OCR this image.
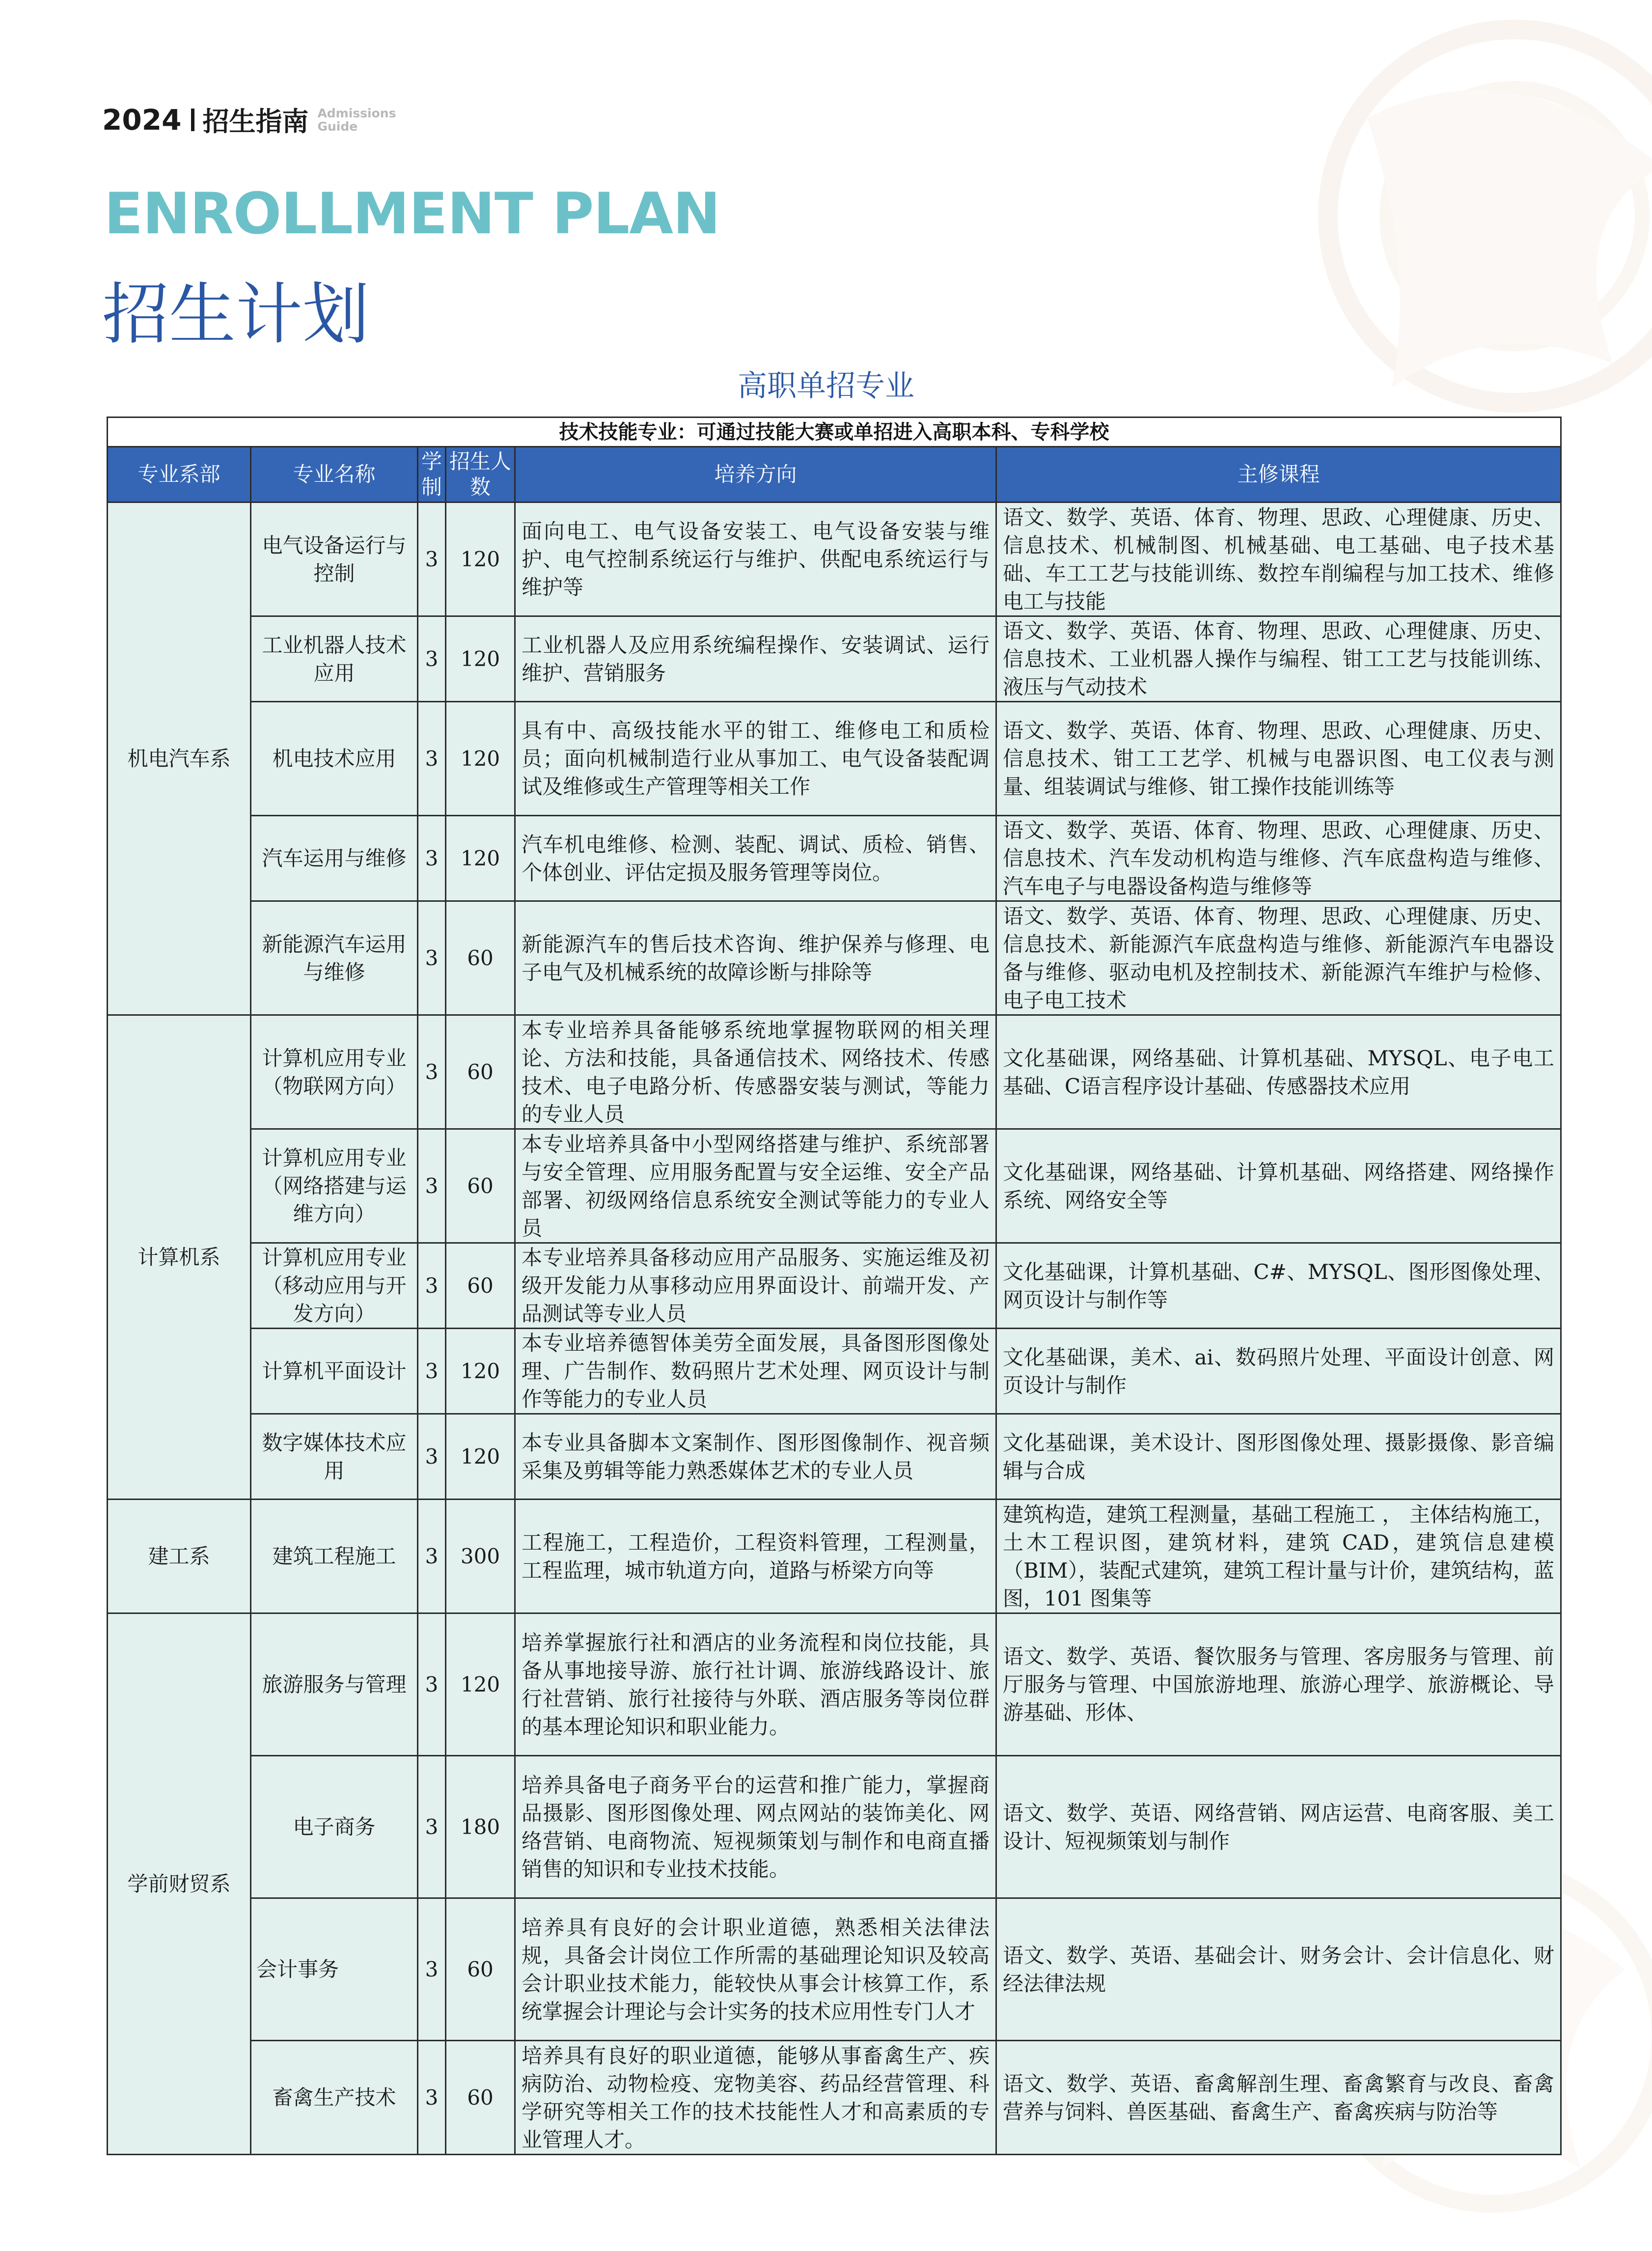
2024 招生指南 Admissions
Guide
ENROLLMENT PLAN
招生计划
高职单招专业
技术技能专业：可通过技能大赛或单招进入高职本科、专科学校					
专业系部	专业名称	学制	招生人数	培养方向	主修课程
机电汽车系	电气设备运行与控制	3	120	面向电工、电气设备安装工、电气设备安装与维护、电气控制系统运行与维护、供配电系统运行与维护等	语文、数学、英语、体育、物理、思政、心理健康、历史、信息技术、机械制图、机械基础、电工基础、电子技术基础、车工工艺与技能训练、数控车削编程与加工技术、维修电工与技能
	工业机器人技术应用	3	120	工业机器人及应用系统编程操作、安装调试、运行维护、营销服务	语文、数学、英语、体育、物理、思政、心理健康、历史、信息技术、工业机器人操作与编程、钳工工艺与技能训练、液压与气动技术
	机电技术应用	3	120	具有中、高级技能水平的钳工、维修电工和质检员；面向机械制造行业从事加工、电气设备装配调试及维修或生产管理等相关工作	语文、数学、英语、体育、物理、思政、心理健康、历史、信息技术、钳工工艺学、机械与电器识图、电工仪表与测量、组装调试与维修、钳工操作技能训练等
	汽车运用与维修	3	120	汽车机电维修、检测、装配、调试、质检、销售、个体创业、评估定损及服务管理等岗位。	语文、数学、英语、体育、物理、思政、心理健康、历史、信息技术、汽车发动机构造与维修、汽车底盘构造与维修、汽车电子与电器设备构造与维修等
	新能源汽车运用与维修	3	60	新能源汽车的售后技术咨询、维护保养与修理、电子电气及机械系统的故障诊断与排除等	语文、数学、英语、体育、物理、思政、心理健康、历史、信息技术、新能源汽车底盘构造与维修、新能源汽车电器设备与维修、驱动电机及控制技术、新能源汽车维护与检修、电子电工技术
计算机系	计算机应用专业（物联网方向）	3	60	本专业培养具备能够系统地掌握物联网的相关理论、方法和技能，具备通信技术、网络技术、传感技术、电子电路分析、传感器安装与测试，等能力的专业人员	文化基础课，网络基础、计算机基础、MYSQL、电子电工基础、C语言程序设计基础、传感器技术应用
	计算机应用专业（网络搭建与运维方向）	3	60	本专业培养具备中小型网络搭建与维护、系统部署与安全管理、应用服务配置与安全运维、安全产品部署、初级网络信息系统安全测试等能力的专业人员	文化基础课，网络基础、计算机基础、网络搭建、网络操作系统、网络安全等
	计算机应用专业（移动应用与开发方向）	3	60	本专业培养具备移动应用产品服务、实施运维及初级开发能力从事移动应用界面设计、前端开发、产品测试等专业人员	文化基础课，计算机基础、C#、MYSQL、图形图像处理、网页设计与制作等
	计算机平面设计	3	120	本专业培养德智体美劳全面发展，具备图形图像处理、广告制作、数码照片艺术处理、网页设计与制作等能力的专业人员	文化基础课，美术、ai、数码照片处理、平面设计创意、网页设计与制作
	数字媒体技术应用	3	120	本专业具备脚本文案制作、图形图像制作、视音频采集及剪辑等能力熟悉媒体艺术的专业人员	文化基础课，美术设计、图形图像处理、摄影摄像、影音编辑与合成
建工系	建筑工程施工	3	300	工程施工，工程造价，工程资料管理，工程测量，工程监理，城市轨道方向，道路与桥梁方向等	建筑构造，建筑工程测量，基础工程施工 ， 主体结构施工，土木工程识图，建筑材料，建筑 CAD，建筑信息建模（BIM），装配式建筑，建筑工程计量与计价，建筑结构，蓝图，101 图集等
学前财贸系	旅游服务与管理	3	120	培养掌握旅行社和酒店的业务流程和岗位技能，具备从事地接导游、旅行社计调、旅游线路设计、旅行社营销、旅行社接待与外联、酒店服务等岗位群的基本理论知识和职业能力。	语文、数学、英语、餐饮服务与管理、客房服务与管理、前厅服务与管理、中国旅游地理、旅游心理学、旅游概论、导游基础、形体、
	电子商务	3	180	培养具备电子商务平台的运营和推广能力，掌握商品摄影、图形图像处理、网点网站的装饰美化、网络营销、电商物流、短视频策划与制作和电商直播销售的知识和专业技术技能。	语文、数学、英语、网络营销、网店运营、电商客服、美工设计、短视频策划与制作
	会计事务	3	60	培养具有良好的会计职业道德，熟悉相关法律法规，具备会计岗位工作所需的基础理论知识及较高会计职业技术能力，能较快从事会计核算工作，系统掌握会计理论与会计实务的技术应用性专门人才	语文、数学、英语、基础会计、财务会计、会计信息化、财经法律法规
	畜禽生产技术	3	60	培养具有良好的职业道德，能够从事畜禽生产、疾病防治、动物检疫、宠物美容、药品经营管理、科学研究等相关工作的技术技能性人才和高素质的专业管理人才。	语文、数学、英语、畜禽解剖生理、畜禽繁育与改良、畜禽营养与饲料、兽医基础、畜禽生产、畜禽疾病与防治等
